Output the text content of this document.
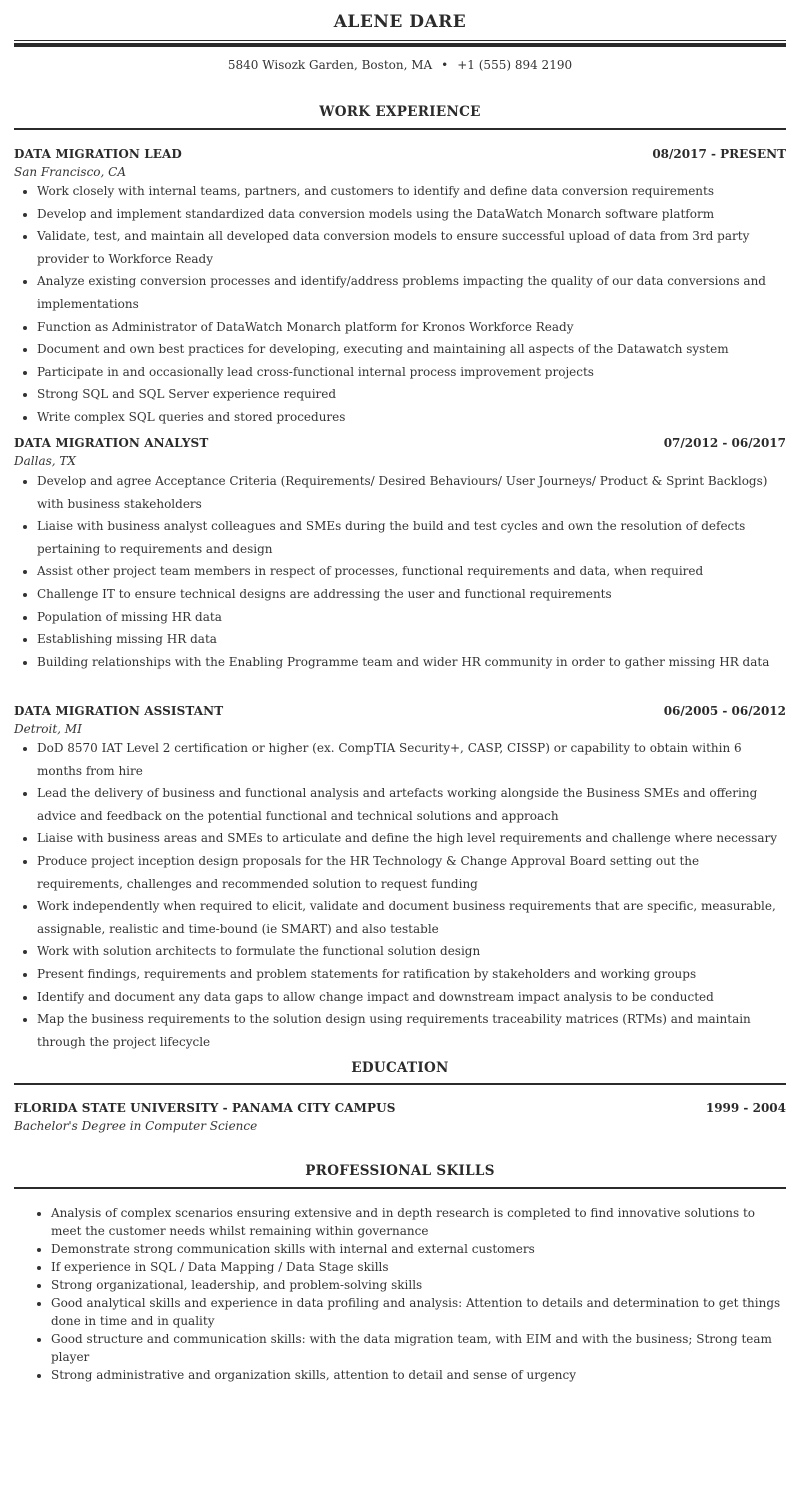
ALENE DARE
5840 Wisozk Garden, Boston, MA • +1 (555) 894 2190
WORK EXPERIENCE
DATA MIGRATION LEAD	08/2017 - PRESENT
San Francisco, CA
• Work closely with internal teams, partners, and customers to identify and define data conversion requirements
• Develop and implement standardized data conversion models using the DataWatch Monarch software platform
• Validate, test, and maintain all developed data conversion models to ensure successful upload of data from 3rd party provider to Workforce Ready
• Analyze existing conversion processes and identify/address problems impacting the quality of our data conversions and implementations
• Function as Administrator of DataWatch Monarch platform for Kronos Workforce Ready
• Document and own best practices for developing, executing and maintaining all aspects of the Datawatch system
• Participate in and occasionally lead cross-functional internal process improvement projects
• Strong SQL and SQL Server experience required
• Write complex SQL queries and stored procedures
DATA MIGRATION ANALYST	07/2012 - 06/2017
Dallas, TX
• Develop and agree Acceptance Criteria (Requirements/ Desired Behaviours/ User Journeys/ Product & Sprint Backlogs) with business stakeholders
• Liaise with business analyst colleagues and SMEs during the build and test cycles and own the resolution of defects pertaining to requirements and design
• Assist other project team members in respect of processes, functional requirements and data, when required
• Challenge IT to ensure technical designs are addressing the user and functional requirements
• Population of missing HR data
• Establishing missing HR data
• Building relationships with the Enabling Programme team and wider HR community in order to gather missing HR data
DATA MIGRATION ASSISTANT	06/2005 - 06/2012
Detroit, MI
• DoD 8570 IAT Level 2 certification or higher (ex. CompTIA Security+, CASP, CISSP) or capability to obtain within 6 months from hire
• Lead the delivery of business and functional analysis and artefacts working alongside the Business SMEs and offering advice and feedback on the potential functional and technical solutions and approach
• Liaise with business areas and SMEs to articulate and define the high level requirements and challenge where necessary
• Produce project inception design proposals for the HR Technology & Change Approval Board setting out the requirements, challenges and recommended solution to request funding
• Work independently when required to elicit, validate and document business requirements that are specific, measurable, assignable, realistic and time-bound (ie SMART) and also testable
• Work with solution architects to formulate the functional solution design
• Present findings, requirements and problem statements for ratification by stakeholders and working groups
• Identify and document any data gaps to allow change impact and downstream impact analysis to be conducted
• Map the business requirements to the solution design using requirements traceability matrices (RTMs) and maintain through the project lifecycle
EDUCATION
FLORIDA STATE UNIVERSITY - PANAMA CITY CAMPUS	1999 - 2004
Bachelor's Degree in Computer Science
PROFESSIONAL SKILLS
• Analysis of complex scenarios ensuring extensive and in depth research is completed to find innovative solutions to meet the customer needs whilst remaining within governance
• Demonstrate strong communication skills with internal and external customers
• If experience in SQL / Data Mapping / Data Stage skills
• Strong organizational, leadership, and problem-solving skills
• Good analytical skills and experience in data profiling and analysis: Attention to details and determination to get things done in time and in quality
• Good structure and communication skills: with the data migration team, with EIM and with the business; Strong team player
• Strong administrative and organization skills, attention to detail and sense of urgency
